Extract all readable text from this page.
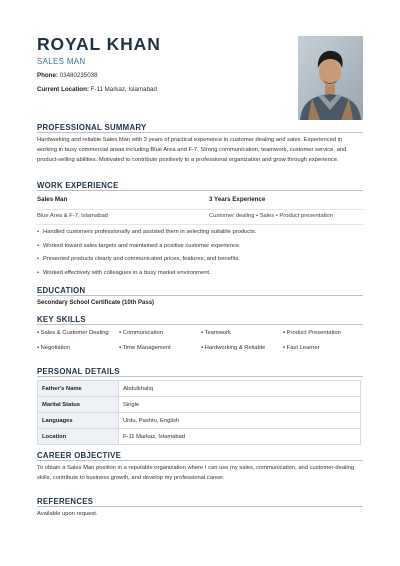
ROYAL KHAN
SALES MAN
Phone: 03480235038
Current Location: F-11 Markaz, Islamabad
PROFESSIONAL SUMMARY
Hardworking and reliable Sales Man with 3 years of practical experience in customer dealing and sales. Experienced in working in busy commercial areas including Blue Area and F-7. Strong communication, teamwork, customer service, and product-selling abilities. Motivated to contribute positively to a professional organization and grow through experience.
WORK EXPERIENCE
Sales Man	3 Years Experience
Blue Area & F-7, Islamabad	Customer dealing • Sales • Product presentation
• Handled customers professionally and assisted them in selecting suitable products.
• Worked toward sales targets and maintained a positive customer experience.
• Presented products clearly and communicated prices, features, and benefits.
• Worked effectively with colleagues in a busy market environment.
EDUCATION
Secondary School Certificate (10th Pass)
KEY SKILLS
▪ Sales & Customer Dealing	▪ Communication	▪ Teamwork	▪ Product Presentation
▪ Negotiation	▪ Time Management	▪ Hardworking & Reliable	▪ Fast Learner
PERSONAL DETAILS
Father's Name	Abdulkhaliq
Marital Status	Single
Languages	Urdu, Pashto, English
Location	F-11 Markaz, Islamabad
CAREER OBJECTIVE
To obtain a Sales Man position in a reputable organization where I can use my sales, communication, and customer-dealing skills, contribute to business growth, and develop my professional career.
REFERENCES
Available upon request.
